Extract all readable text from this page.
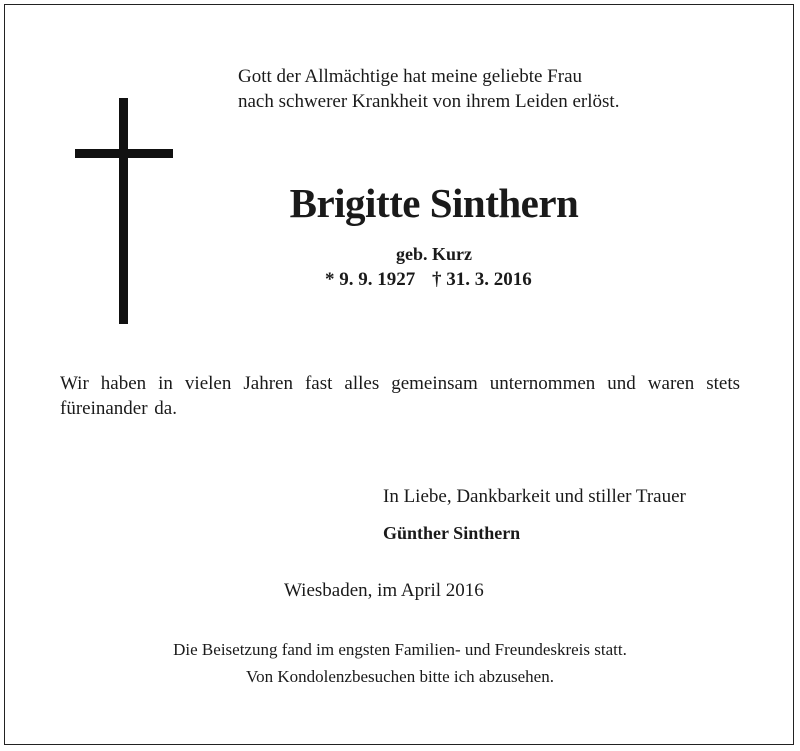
Gott der Allmächtige hat meine geliebte Frau
nach schwerer Krankheit von ihrem Leiden erlöst.
Brigitte Sinthern
geb. Kurz
* 9. 9. 1927 † 31. 3. 2016
Wir haben in vielen Jahren fast alles gemeinsam unternommen und waren stets füreinander da.
In Liebe, Dankbarkeit und stiller Trauer
Günther Sinthern
Wiesbaden, im April 2016
Die Beisetzung fand im engsten Familien- und Freundeskreis statt.
Von Kondolenzbesuchen bitte ich abzusehen.
